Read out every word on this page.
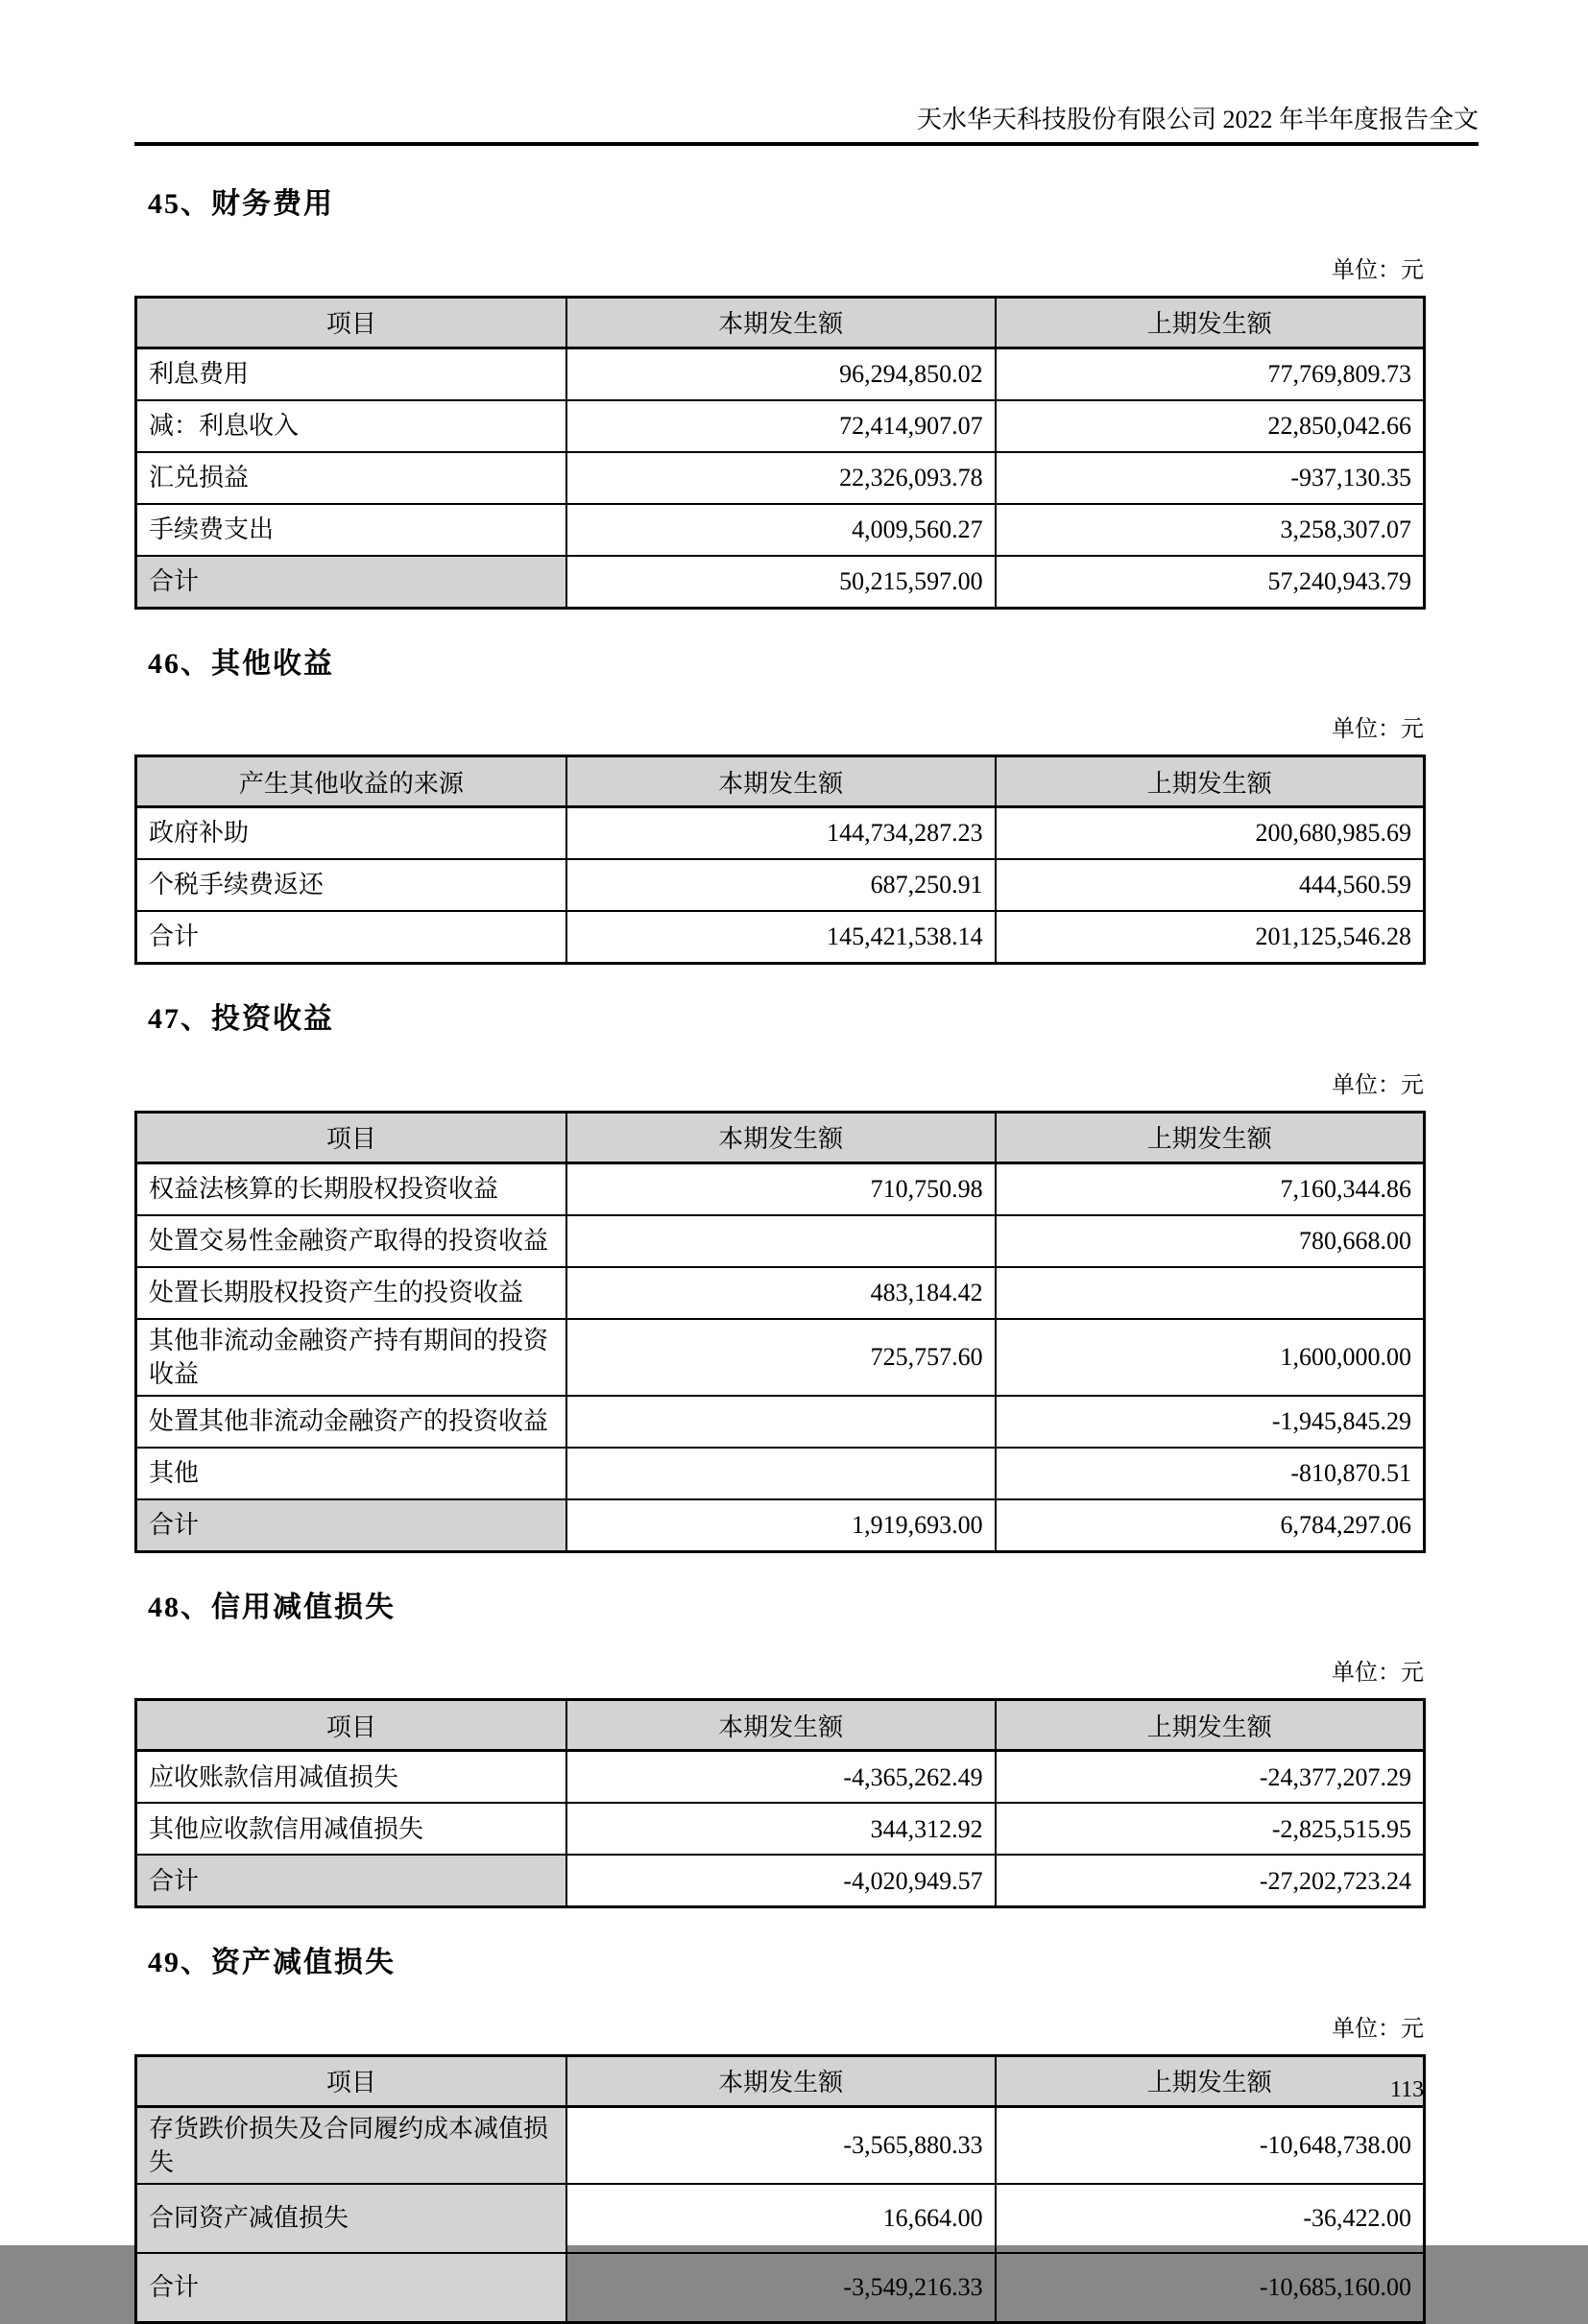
天水华天科技股份有限公司 2022 年半年度报告全文
45、财务费用
单位：元
项目	本期发生额	上期发生额
利息费用	96,294,850.02	77,769,809.73
减：利息收入	72,414,907.07	22,850,042.66
汇兑损益	22,326,093.78	-937,130.35
手续费支出	4,009,560.27	3,258,307.07
合计	50,215,597.00	57,240,943.79
46、其他收益
单位：元
产生其他收益的来源	本期发生额	上期发生额
政府补助	144,734,287.23	200,680,985.69
个税手续费返还	687,250.91	444,560.59
合计	145,421,538.14	201,125,546.28
47、投资收益
单位：元
项目	本期发生额	上期发生额
权益法核算的长期股权投资收益	710,750.98	7,160,344.86
处置交易性金融资产取得的投资收益		780,668.00
处置长期股权投资产生的投资收益	483,184.42	
其他非流动金融资产持有期间的投资收益	725,757.60	1,600,000.00
处置其他非流动金融资产的投资收益		-1,945,845.29
其他		-810,870.51
合计	1,919,693.00	6,784,297.06
48、信用减值损失
单位：元
项目	本期发生额	上期发生额
应收账款信用减值损失	-4,365,262.49	-24,377,207.29
其他应收款信用减值损失	344,312.92	-2,825,515.95
合计	-4,020,949.57	-27,202,723.24
49、资产减值损失
单位：元
项目	本期发生额	上期发生额
存货跌价损失及合同履约成本减值损失	-3,565,880.33	-10,648,738.00
合同资产减值损失	16,664.00	-36,422.00
合计	-3,549,216.33	-10,685,160.00
113
